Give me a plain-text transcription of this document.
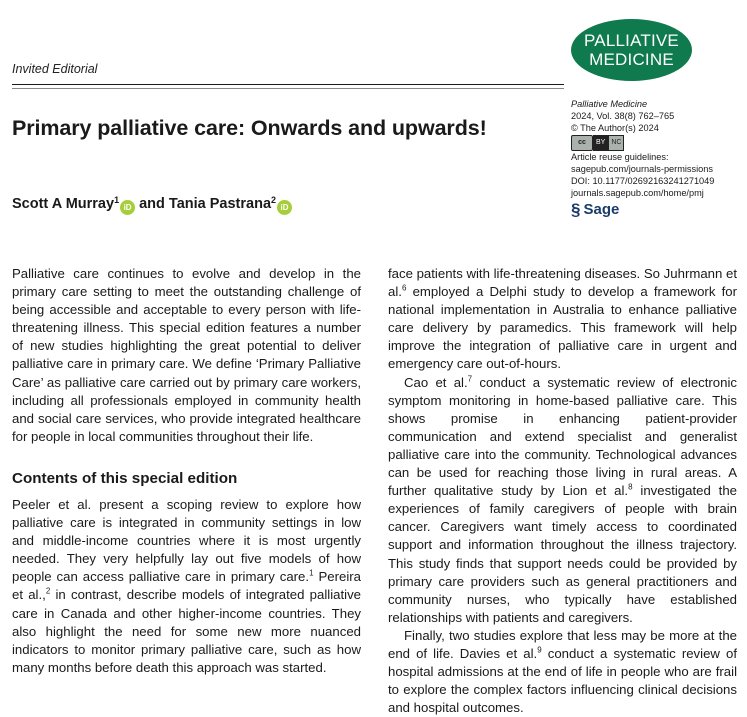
PALLIATIVE
MEDICINE
Invited Editorial
Primary palliative care: Onwards and upwards!
Scott A Murray$^1$iD and Tania Pastrana$^2$iD
Palliative Medicine
2024, Vol. 38(8) 762–765
© The Author(s) 2024
cc	BY NC
Article reuse guidelines:
sagepub.com/journals-permissions
DOI: 10.1177/02692163241271049
journals.sagepub.com/home/pmj
§ Sage

Palliative care continues to evolve and develop in the primary care setting to meet the outstanding challenge of being accessible and acceptable to every person with life-threatening illness. This special edition features a number of new studies highlighting the great potential to deliver palliative care in primary care. We define ‘Primary Palliative Care’ as palliative care carried out by primary care workers, including all professionals employed in community health and social care services, who provide integrated healthcare for people in local communities throughout their life.

Contents of this special edition

Peeler et al. present a scoping review to explore how palliative care is integrated in community settings in low and middle-income countries where it is most urgently needed. They very helpfully lay out five models of how people can access palliative care in primary care.$^1$ Pereira et al.,$^2$ in contrast, describe models of integrated palliative care in Canada and other higher-income countries. They also highlight the need for some new more nuanced indicators to monitor primary palliative care, such as how many months before death this approach was started.

face patients with life-threatening diseases. So Juhrmann et al.$^6$ employed a Delphi study to develop a framework for national implementation in Australia to enhance palliative care delivery by paramedics. This framework will help improve the integration of palliative care in urgent and emergency care out-of-hours.

Cao et al.$^7$ conduct a systematic review of electronic symptom monitoring in home-based palliative care. This shows promise in enhancing patient-provider communication and extend specialist and generalist palliative care into the community. Technological advances can be used for reaching those living in rural areas. A further qualitative study by Lion et al.$^8$ investigated the experiences of family caregivers of people with brain cancer. Caregivers want timely access to coordinated support and information throughout the illness trajectory. This study finds that support needs could be provided by primary care providers such as general practitioners and community nurses, who typically have established relationships with patients and caregivers.

Finally, two studies explore that less may be more at the end of life. Davies et al.$^9$ conduct a systematic review of hospital admissions at the end of life in people who are frail to explore the complex factors influencing clinical decisions and hospital outcomes.
